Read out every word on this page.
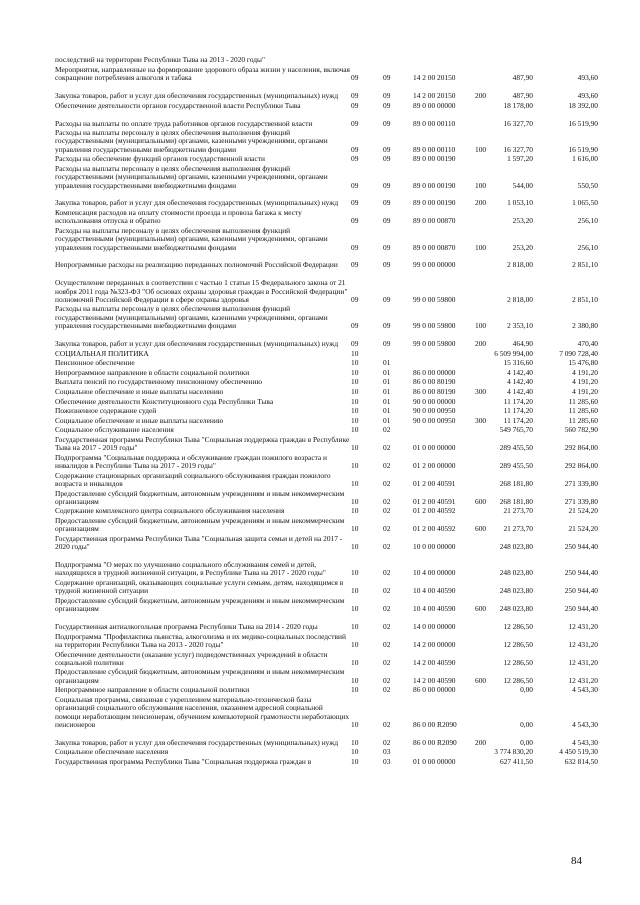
последствий на территории Республики Тыва на 2013 - 2020 годы"
Мероприятия, направленные на формирование здорового образа жизни у населения, включая сокращение потребления алкоголя и табака	09	09	14 2 00 20150	487,90	493,60
Закупка товаров, работ и услуг для обеспечения государственных (муниципальных) нужд	09	09	14 2 00 20150	200	487,90	493,60
Обеспечение деятельности органов государственной власти Республики Тыва	09	09	89 0 00 00000	18 178,00	18 392,00
Расходы на выплаты по оплате труда работников органов государственной власти	09	09	89 0 00 00110	16 327,70	16 519,90
Расходы на выплаты персоналу в целях обеспечения выполнения функций государственными (муниципальными) органами, казенными учреждениями, органами управления государственными внебюджетными фондами	09	09	89 0 00 00110	100	16 327,70	16 519,90
Расходы на обеспечение функций органов государственной власти	09	09	89 0 00 00190	1 597,20	1 616,00
Расходы на выплаты персоналу в целях обеспечения выполнения функций государственными (муниципальными) органами, казенными учреждениями, органами управления государственными внебюджетными фондами	09	09	89 0 00 00190	100	544,00	550,50
Закупка товаров, работ и услуг для обеспечения государственных (муниципальных) нужд	09	09	89 0 00 00190	200	1 053,10	1 065,50
Компенсация расходов на оплату стоимости проезда и провоза багажа к месту использования отпуска и обратно	09	09	89 0 00 00870	253,20	256,10
Расходы на выплаты персоналу в целях обеспечения выполнения функций государственными (муниципальными) органами, казенными учреждениями, органами управления государственными внебюджетными фондами	09	09	89 0 00 00870	100	253,20	256,10
Непрограммные расходы на реализацию переданных полномочий Российской Федерации	09	09	99 0 00 00000	2 818,00	2 851,10
Осуществление переданных в соответствии с частью 1 статьи 15 Федерального закона от 21 ноября 2011 года №323-ФЗ "Об основах охраны здоровья граждан в Российской Федерации" полномочий Российской Федерации в сфере охраны здоровья	09	09	99 0 00 59800	2 818,00	2 851,10
Расходы на выплаты персоналу в целях обеспечения выполнения функций государственными (муниципальными) органами, казенными учреждениями, органами управления государственными внебюджетными фондами	09	09	99 0 00 59800	100	2 353,10	2 380,80
Закупка товаров, работ и услуг для обеспечения государственных (муниципальных) нужд	09	09	99 0 00 59800	200	464,90	470,40
СОЦИАЛЬНАЯ ПОЛИТИКА	10	6 509 994,00	7 090 728,40
Пенсионное обеспечение	10	01	15 316,60	15 476,80
Непрограммное направление в области социальной политики	10	01	86 0 00 00000	4 142,40	4 191,20
Выплата пенсий по государственному пенсионному обеспечению	10	01	86 0 00 80190	4 142,40	4 191,20
Социальное обеспечение и иные выплаты населению	10	01	86 0 00 80190	300	4 142,40	4 191,20
Обеспечение деятельности Конституционного суда Республики Тыва	10	01	90 0 00 00000	11 174,20	11 285,60
Пожизненное содержание судей	10	01	90 0 00 00950	11 174,20	11 285,60
Социальное обеспечение и иные выплаты населению	10	01	90 0 00 00950	300	11 174,20	11 285,60
Социальное обслуживание населения	10	02	549 765,70	560 782,90
Государственная программа Республики Тыва "Социальная поддержка граждан в Республике Тыва на 2017 - 2019 годы"	10	02	01 0 00 00000	289 455,50	292 864,00
Подпрограмма "Социальная поддержка и обслуживание граждан пожилого возраста и инвалидов в Республике Тыва на 2017 - 2019 годы"	10	02	01 2 00 00000	289 455,50	292 864,00
Содержание стационарных организаций социального обслуживания граждан пожилого возраста и инвалидов	10	02	01 2 00 40591	268 181,80	271 339,80
Предоставление субсидий бюджетным, автономным учреждениям и иным некоммерческим организациям	10	02	01 2 00 40591	600	268 181,80	271 339,80
Содержание комплексного центра социального обслуживания населения	10	02	01 2 00 40592	21 273,70	21 524,20
Предоставление субсидий бюджетным, автономным учреждениям и иным некоммерческим организациям	10	02	01 2 00 40592	600	21 273,70	21 524,20
Государственная программа Республики Тыва "Социальная защита семьи и детей на 2017 - 2020 годы"	10	02	10 0 00 00000	248 023,80	250 944,40
Подпрограмма "О мерах по улучшению социального обслуживания семей и детей, находящихся в трудной жизненной ситуации, в Республике Тыва на 2017 - 2020 годы"	10	02	10 4 00 00000	248 023,80	250 944,40
Содержание организаций, оказывающих социальные услуги семьям, детям, находящимся в трудной жизненной ситуации	10	02	10 4 00 40590	248 023,80	250 944,40
Предоставление субсидий бюджетным, автономным учреждениям и иным некоммерческим организациям	10	02	10 4 00 40590	600	248 023,80	250 944,40
Государственная антиалкогольная программа Республики Тыва на 2014 - 2020 годы	10	02	14 0 00 00000	12 286,50	12 431,20
Подпрограмма "Профилактика пьянства, алкоголизма и их медико-социальных последствий на территории Республики Тыва на 2013 - 2020 годы"	10	02	14 2 00 00000	12 286,50	12 431,20
Обеспечение деятельности (оказание услуг) подведомственных учреждений в области социальной политики	10	02	14 2 00 40590	12 286,50	12 431,20
Предоставление субсидий бюджетным, автономным учреждениям и иным некоммерческим организациям	10	02	14 2 00 40590	600	12 286,50	12 431,20
Непрограммное направление в области социальной политики	10	02	86 0 00 00000	0,00	4 543,30
Социальная программа, связанная с укреплением материально-технической базы организаций социального обслуживания населения, оказанием адресной социальной помощи неработающим пенсионерам, обучением компьютерной грамотности неработающих пенсионеров	10	02	86 0 00 R2090	0,00	4 543,30
Закупка товаров, работ и услуг для обеспечения государственных (муниципальных) нужд	10	02	86 0 00 R2090	200	0,00	4 543,30
Социальное обеспечение населения	10	03	3 774 830,20	4 450 519,30
Государственная программа Республики Тыва "Социальная поддержка граждан в	10	03	01 0 00 00000	627 411,50	632 814,50
84
